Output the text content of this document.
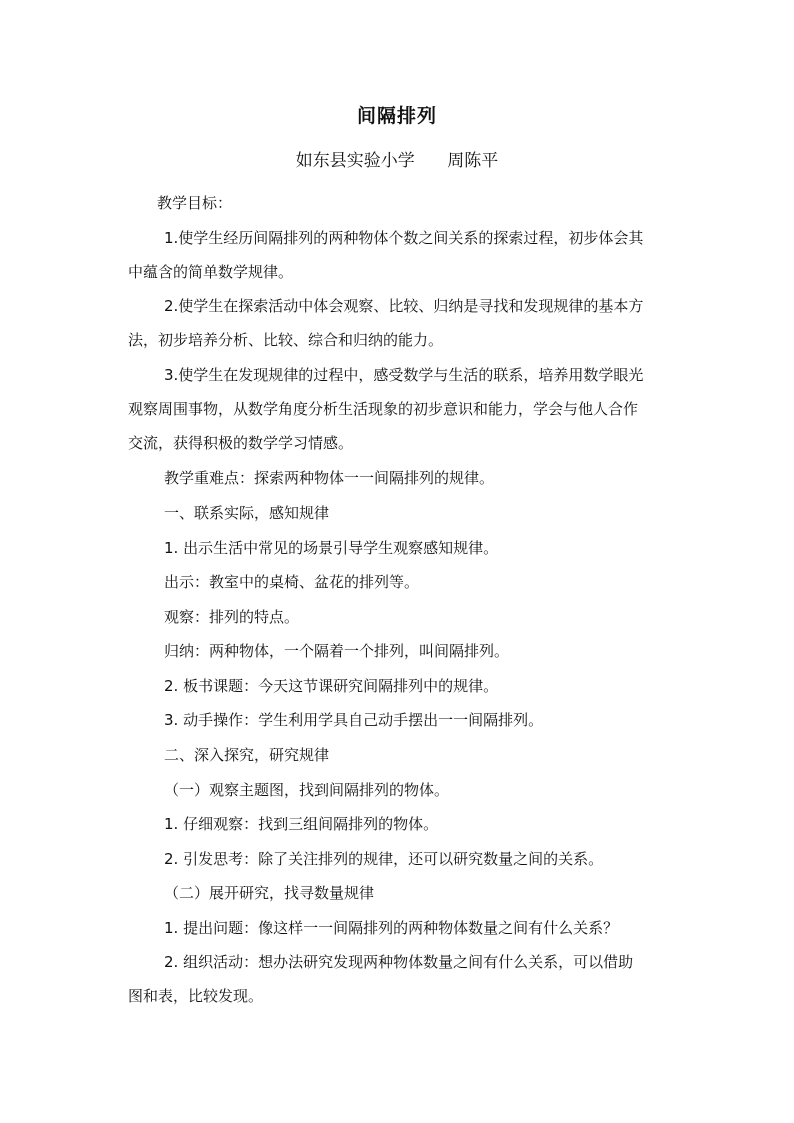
间隔排列
如东县实验小学      周陈平
教学目标：
1.使学生经历间隔排列的两种物体个数之间关系的探索过程，初步体会其
中蕴含的简单数学规律。
2.使学生在探索活动中体会观察、比较、归纳是寻找和发现规律的基本方
法，初步培养分析、比较、综合和归纳的能力。
3.使学生在发现规律的过程中，感受数学与生活的联系，培养用数学眼光
观察周围事物，从数学角度分析生活现象的初步意识和能力，学会与他人合作
交流，获得积极的数学学习情感。
教学重难点：探索两种物体一一间隔排列的规律。
一、联系实际，感知规律
1. 出示生活中常见的场景引导学生观察感知规律。
出示：教室中的桌椅、盆花的排列等。
观察：排列的特点。
归纳：两种物体，一个隔着一个排列，叫间隔排列。
2. 板书课题：今天这节课研究间隔排列中的规律。
3. 动手操作：学生利用学具自己动手摆出一一间隔排列。
二、深入探究，研究规律
（一）观察主题图，找到间隔排列的物体。
1. 仔细观察：找到三组间隔排列的物体。
2. 引发思考：除了关注排列的规律，还可以研究数量之间的关系。
（二）展开研究，找寻数量规律
1. 提出问题：像这样一一间隔排列的两种物体数量之间有什么关系？
2. 组织活动：想办法研究发现两种物体数量之间有什么关系，可以借助
图和表，比较发现。
